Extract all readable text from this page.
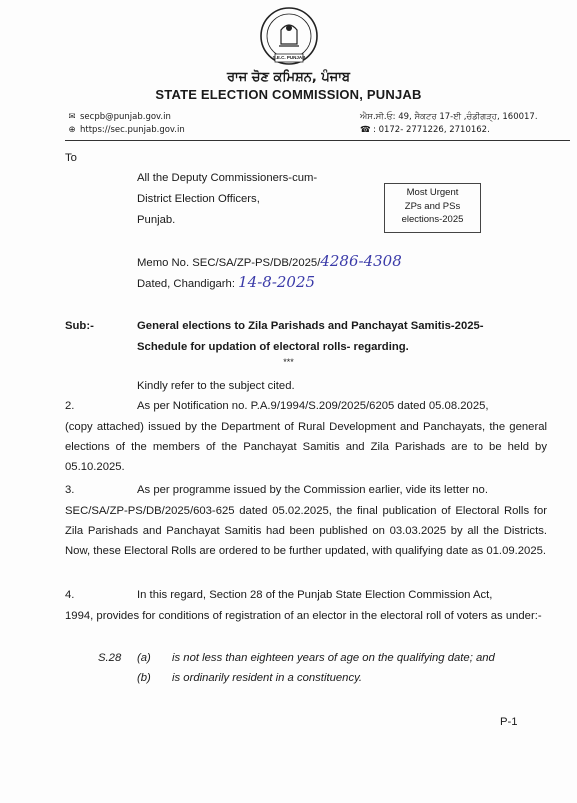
S.E.C. PUNJAB
ਰਾਜ ਚੋਣ ਕਮਿਸ਼ਨ, ਪੰਜਾਬ
STATE ELECTION COMMISSION, PUNJAB
✉ secpb@punjab.gov.in
⊕ https://sec.punjab.gov.in
ਐਸ.ਸੀ.ਓ: 49, ਸੈਕਟਰ 17-ਈ ,ਚੰਡੀਗੜ੍ਹ, 160017.
☎ : 0172- 2771226, 2710162.
To
All the Deputy Commissioners-cum-
District Election Officers,
Punjab.
Most Urgent
ZPs and PSs
elections-2025
Memo No. SEC/SA/ZP-PS/DB/2025/4286-4308
Dated, Chandigarh: 14-8-2025
Sub:-	General elections to Zila Parishads and Panchayat Samitis-2025-
Schedule for updation of electoral rolls- regarding.
***
Kindly refer to the subject cited.
2.	As per Notification no. P.A.9/1994/S.209/2025/6205 dated 05.08.2025,
(copy attached) issued by the Department of Rural Development and Panchayats, the general elections of the members of the Panchayat Samitis and Zila Parishads are to be held by 05.10.2025.
3.	As per programme issued by the Commission earlier, vide its letter no.
SEC/SA/ZP-PS/DB/2025/603-625 dated 05.02.2025, the final publication of Electoral Rolls for Zila Parishads and Panchayat Samitis had been published on 03.03.2025 by all the Districts. Now, these Electoral Rolls are ordered to be further updated, with qualifying date as 01.09.2025.
4.	In this regard, Section 28 of the Punjab State Election Commission Act,
1994, provides for conditions of registration of an elector in the electoral roll of voters as under:-
S.28 (a) is not less than eighteen years of age on the qualifying date; and
(b) is ordinarily resident in a constituency.
P-1
